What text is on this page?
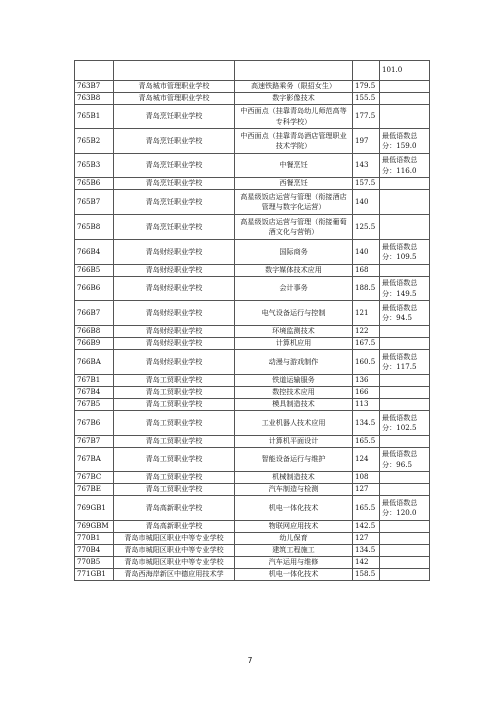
				101.0
763B7	青岛城市管理职业学校	高速铁路乘务（限招女生）	179.5	
763B8	青岛城市管理职业学校	数字影像技术	155.5	
765B1	青岛烹饪职业学校	中西面点（挂靠青岛幼儿师范高等专科学校）	177.5	
765B2	青岛烹饪职业学校	中西面点（挂靠青岛酒店管理职业技术学院）	197	最低语数总分：159.0
765B3	青岛烹饪职业学校	中餐烹饪	143	最低语数总分：116.0
765B6	青岛烹饪职业学校	西餐烹饪	157.5	
765B7	青岛烹饪职业学校	高星级饭店运营与管理（衔接酒店管理与数字化运营）	140	
765B8	青岛烹饪职业学校	高星级饭店运营与管理（衔接葡萄酒文化与营销）	125.5	
766B4	青岛财经职业学校	国际商务	140	最低语数总分：109.5
766B5	青岛财经职业学校	数字媒体技术应用	168	
766B6	青岛财经职业学校	会计事务	188.5	最低语数总分：149.5
766B7	青岛财经职业学校	电气设备运行与控制	121	最低语数总分：94.5
766B8	青岛财经职业学校	环境监测技术	122	
766B9	青岛财经职业学校	计算机应用	167.5	
766BA	青岛财经职业学校	动漫与游戏制作	160.5	最低语数总分：117.5
767B1	青岛工贸职业学校	铁道运输服务	136	
767B4	青岛工贸职业学校	数控技术应用	166	
767B5	青岛工贸职业学校	模具制造技术	113	
767B6	青岛工贸职业学校	工业机器人技术应用	134.5	最低语数总分：102.5
767B7	青岛工贸职业学校	计算机平面设计	165.5	
767BA	青岛工贸职业学校	智能设备运行与维护	124	最低语数总分：96.5
767BC	青岛工贸职业学校	机械制造技术	108	
767BE	青岛工贸职业学校	汽车制造与检测	127	
769GB1	青岛高新职业学校	机电一体化技术	165.5	最低语数总分：120.0
769GBM	青岛高新职业学校	物联网应用技术	142.5	
770B1	青岛市城阳区职业中等专业学校	幼儿保育	127	
770B4	青岛市城阳区职业中等专业学校	建筑工程施工	134.5	
770B5	青岛市城阳区职业中等专业学校	汽车运用与维修	142	
771GB1	青岛西海岸新区中德应用技术学	机电一体化技术	158.5	
7
